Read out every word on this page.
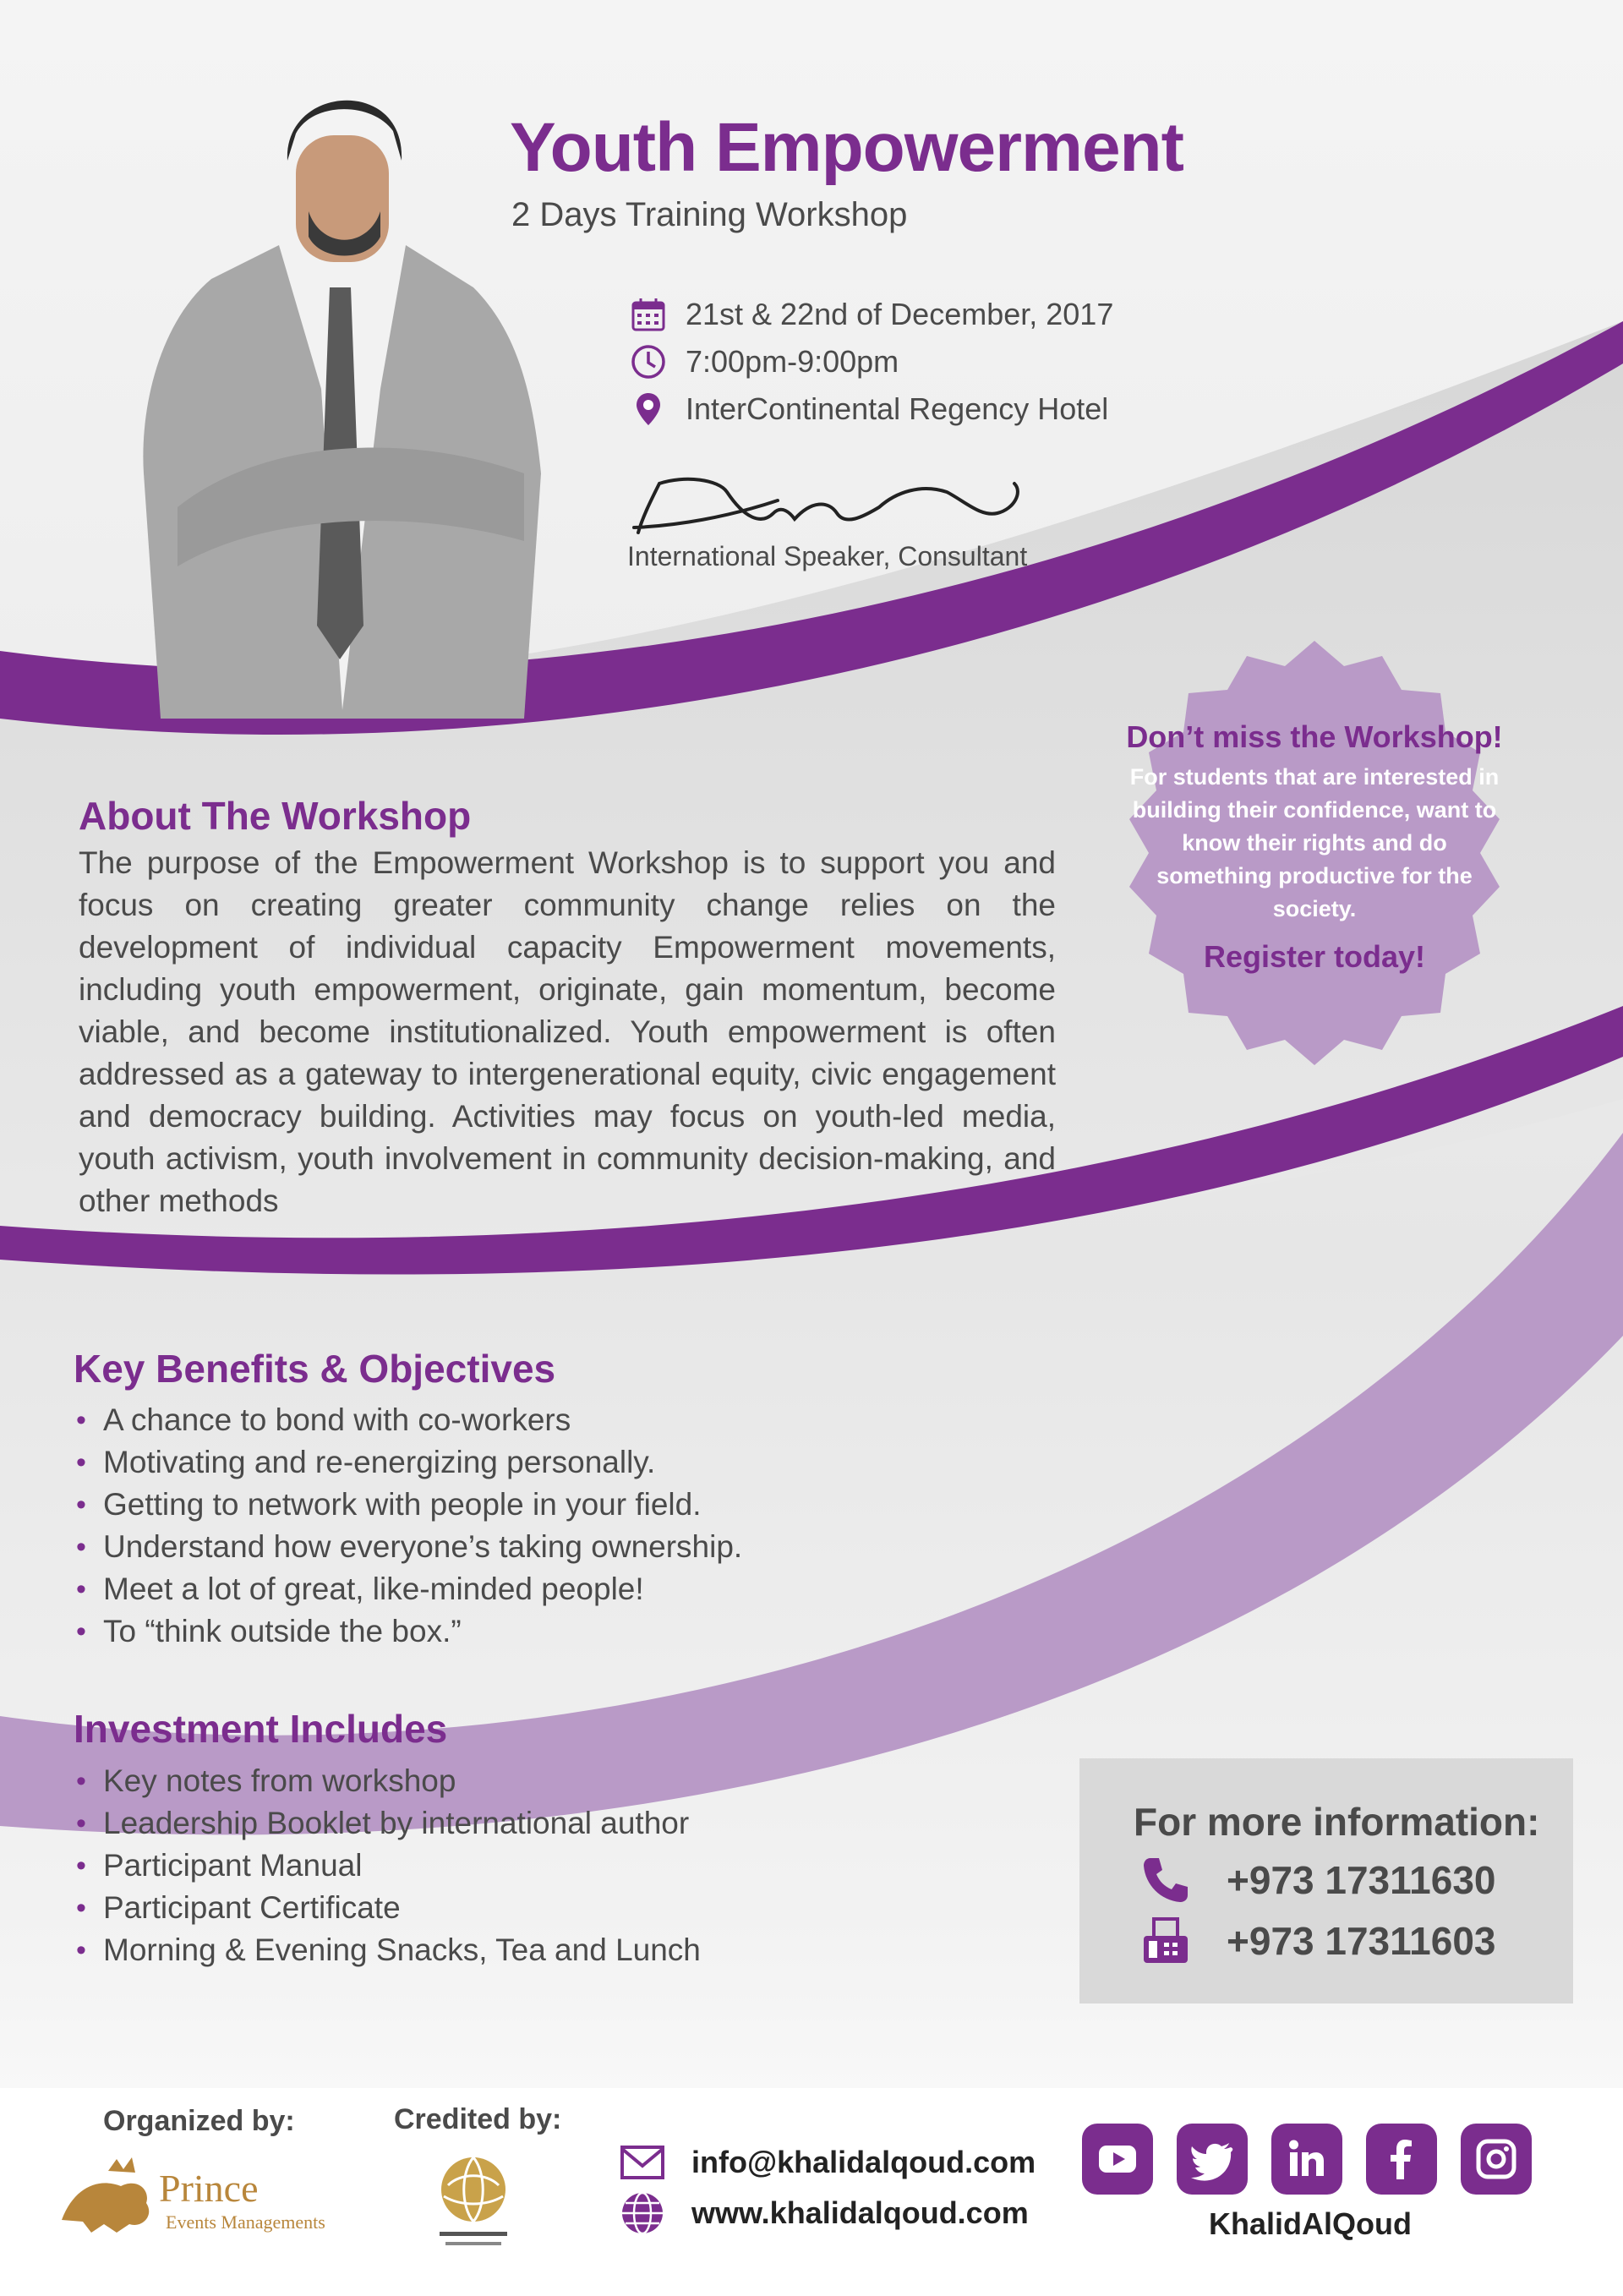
Youth Empowerment
2 Days Training Workshop
21st & 22nd of December, 2017
7:00pm-9:00pm
InterContinental Regency Hotel
International Speaker, Consultant
Don’t miss the Workshop!
For students that are interested in building their confidence, want to know their rights and do something productive for the society.
Register today!
About The Workshop
The purpose of the Empowerment Workshop is to support you and focus on creating greater community change relies on the development of individual capacity Empowerment movements, including youth empowerment, originate, gain momentum, become viable, and become institutionalized. Youth empowerment is often addressed as a gateway to intergenerational equity, civic engagement and democracy building. Activities may focus on youth-led media, youth activism, youth involvement in community decision-making, and other methods
Key Benefits & Objectives
• A chance to bond with co-workers
• Motivating and re-energizing personally.
• Getting to network with people in your field.
• Understand how everyone’s taking ownership.
• Meet a lot of great, like-minded people!
• To “think outside the box.”
Investment Includes
• Key notes from workshop
• Leadership Booklet by international author
• Participant Manual
• Participant Certificate
• Morning & Evening Snacks, Tea and Lunch
For more information:
+973 17311630
+973 17311603
Organized by:
Prince
Events Managements
Credited by:
info@khalidalqoud.com
www.khalidalqoud.com	KhalidAlQoud
